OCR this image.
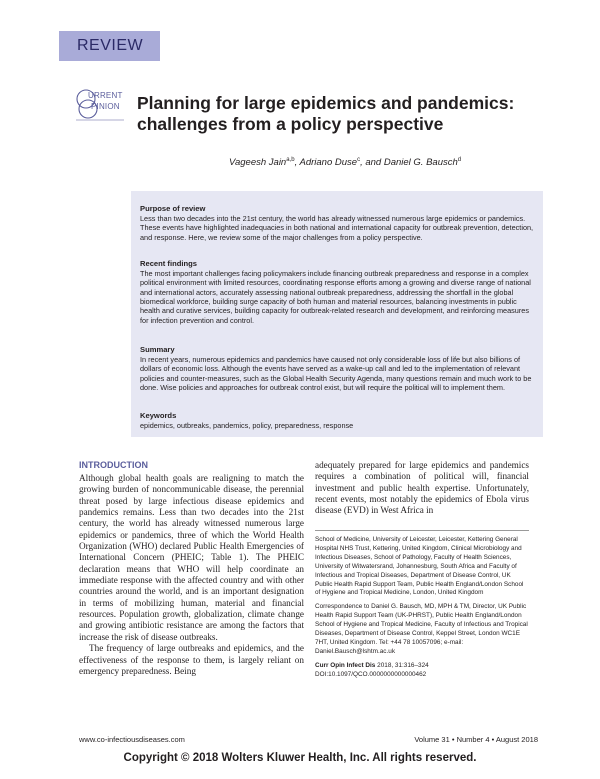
REVIEW
URRENT
PINION Planning for large epidemics and pandemics: challenges from a policy perspective
Vageesh Jain$^{a,b}$, Adriano Duse$^c$, and Daniel G. Bausch$^d$
Purpose of review

Less than two decades into the 21st century, the world has already witnessed numerous large epidemics or pandemics. These events have highlighted inadequacies in both national and international capacity for outbreak prevention, detection, and response. Here, we review some of the major challenges from a policy perspective.

Recent findings

The most important challenges facing policymakers include financing outbreak preparedness and response in a complex political environment with limited resources, coordinating response efforts among a growing and diverse range of national and international actors, accurately assessing national outbreak preparedness, addressing the shortfall in the global biomedical workforce, building surge capacity of both human and material resources, balancing investments in public health and curative services, building capacity for outbreak-related research and development, and reinforcing measures for infection prevention and control.

Summary

In recent years, numerous epidemics and pandemics have caused not only considerable loss of life but also billions of dollars of economic loss. Although the events have served as a wake-up call and led to the implementation of relevant policies and counter-measures, such as the Global Health Security Agenda, many questions remain and much work to be done. Wise policies and approaches for outbreak control exist, but will require the political will to implement them.

Keywords

epidemics, outbreaks, pandemics, policy, preparedness, response

INTRODUCTION

Although global health goals are realigning to match the growing burden of noncommunicable disease, the perennial threat posed by large infectious disease epidemics and pandemics remains. Less than two decades into the 21st century, the world has already witnessed numerous large epidemics or pandemics, three of which the World Health Organization (WHO) declared Public Health Emergencies of International Concern (PHEIC; Table 1). The PHEIC declaration means that WHO will help coordinate an immediate response with the affected country and with other countries around the world, and is an important designation in terms of mobilizing human, material and financial resources. Population growth, globalization, climate change and growing antibiotic resistance are among the factors that increase the risk of disease outbreaks.

The frequency of large outbreaks and epidemics, and the effectiveness of the response to them, is largely reliant on emergency preparedness. Being

adequately prepared for large epidemics and pandemics requires a combination of political will, financial investment and public health expertise. Unfortunately, recent events, most notably the epidemics of Ebola virus disease (EVD) in West Africa in

School of Medicine, University of Leicester, Leicester, Kettering General Hospital NHS Trust, Kettering, United Kingdom, Clinical Microbiology and Infectious Diseases, School of Pathology, Faculty of Health Sciences, University of Witwatersrand, Johannesburg, South Africa and Faculty of Infectious and Tropical Diseases, Department of Disease Control, UK Public Health Rapid Support Team, Public Health England/London School of Hygiene and Tropical Medicine, London, United Kingdom

Correspondence to Daniel G. Bausch, MD, MPH & TM, Director, UK Public Health Rapid Support Team (UK-PHRST), Public Health England/London School of Hygiene and Tropical Medicine, Faculty of Infectious and Tropical Diseases, Department of Disease Control, Keppel Street, London WC1E 7HT, United Kingdom. Tel: +44 78 10057096; e-mail: Daniel.Bausch@lshtm.ac.uk

Curr Opin Infect Dis 2018, 31:316–324

DOI:10.1097/QCO.0000000000000462

www.co-infectiousdiseases.com	Volume 31 • Number 4 • August 2018
Copyright © 2018 Wolters Kluwer Health, Inc. All rights reserved.
